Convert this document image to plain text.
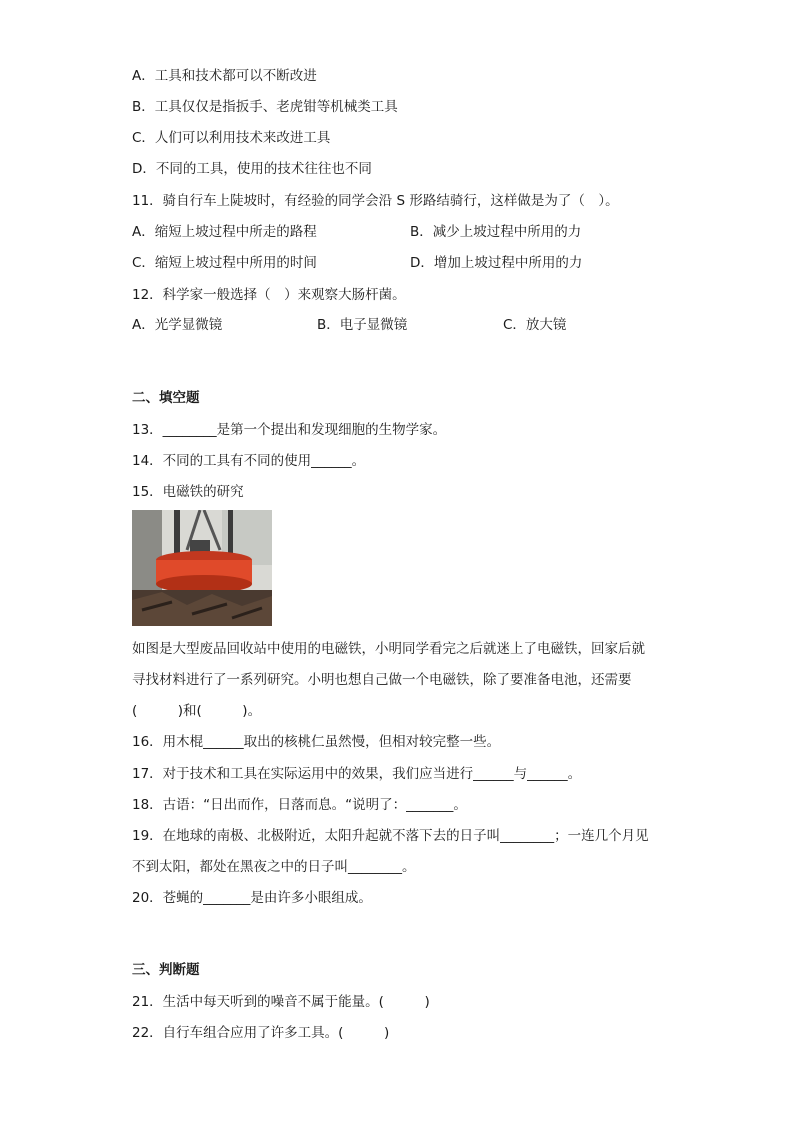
A．工具和技术都可以不断改进
B．工具仅仅是指扳手、老虎钳等机械类工具
C．人们可以利用技术来改进工具
D．不同的工具，使用的技术往往也不同
11．骑自行车上陡坡时，有经验的同学会沿 S 形路结骑行，这样做是为了（　）。
A．缩短上坡过程中所走的路程	B．减少上坡过程中所用的力
C．缩短上坡过程中所用的时间	D．增加上坡过程中所用的力
12．科学家一般选择（　）来观察大肠杆菌。
A．光学显微镜	B．电子显微镜	C．放大镜
二、填空题
13．________是第一个提出和发现细胞的生物学家。
14．不同的工具有不同的使用______。
15．电磁铁的研究
如图是大型废品回收站中使用的电磁铁，小明同学看完之后就迷上了电磁铁，回家后就
寻找材料进行了一系列研究。小明也想自己做一个电磁铁，除了要准备电池，还需要
(　　　)和(　　　)。
16．用木棍______取出的核桃仁虽然慢，但相对较完整一些。
17．对于技术和工具在实际运用中的效果，我们应当进行______与______。
18．古语：“日出而作，日落而息。“说明了：_______。
19．在地球的南极、北极附近，太阳升起就不落下去的日子叫________；一连几个月见
不到太阳，都处在黑夜之中的日子叫________。
20．苍蝇的_______是由许多小眼组成。
三、判断题
21．生活中每天听到的噪音不属于能量。(　　　)
22．自行车组合应用了许多工具。(　　　)
